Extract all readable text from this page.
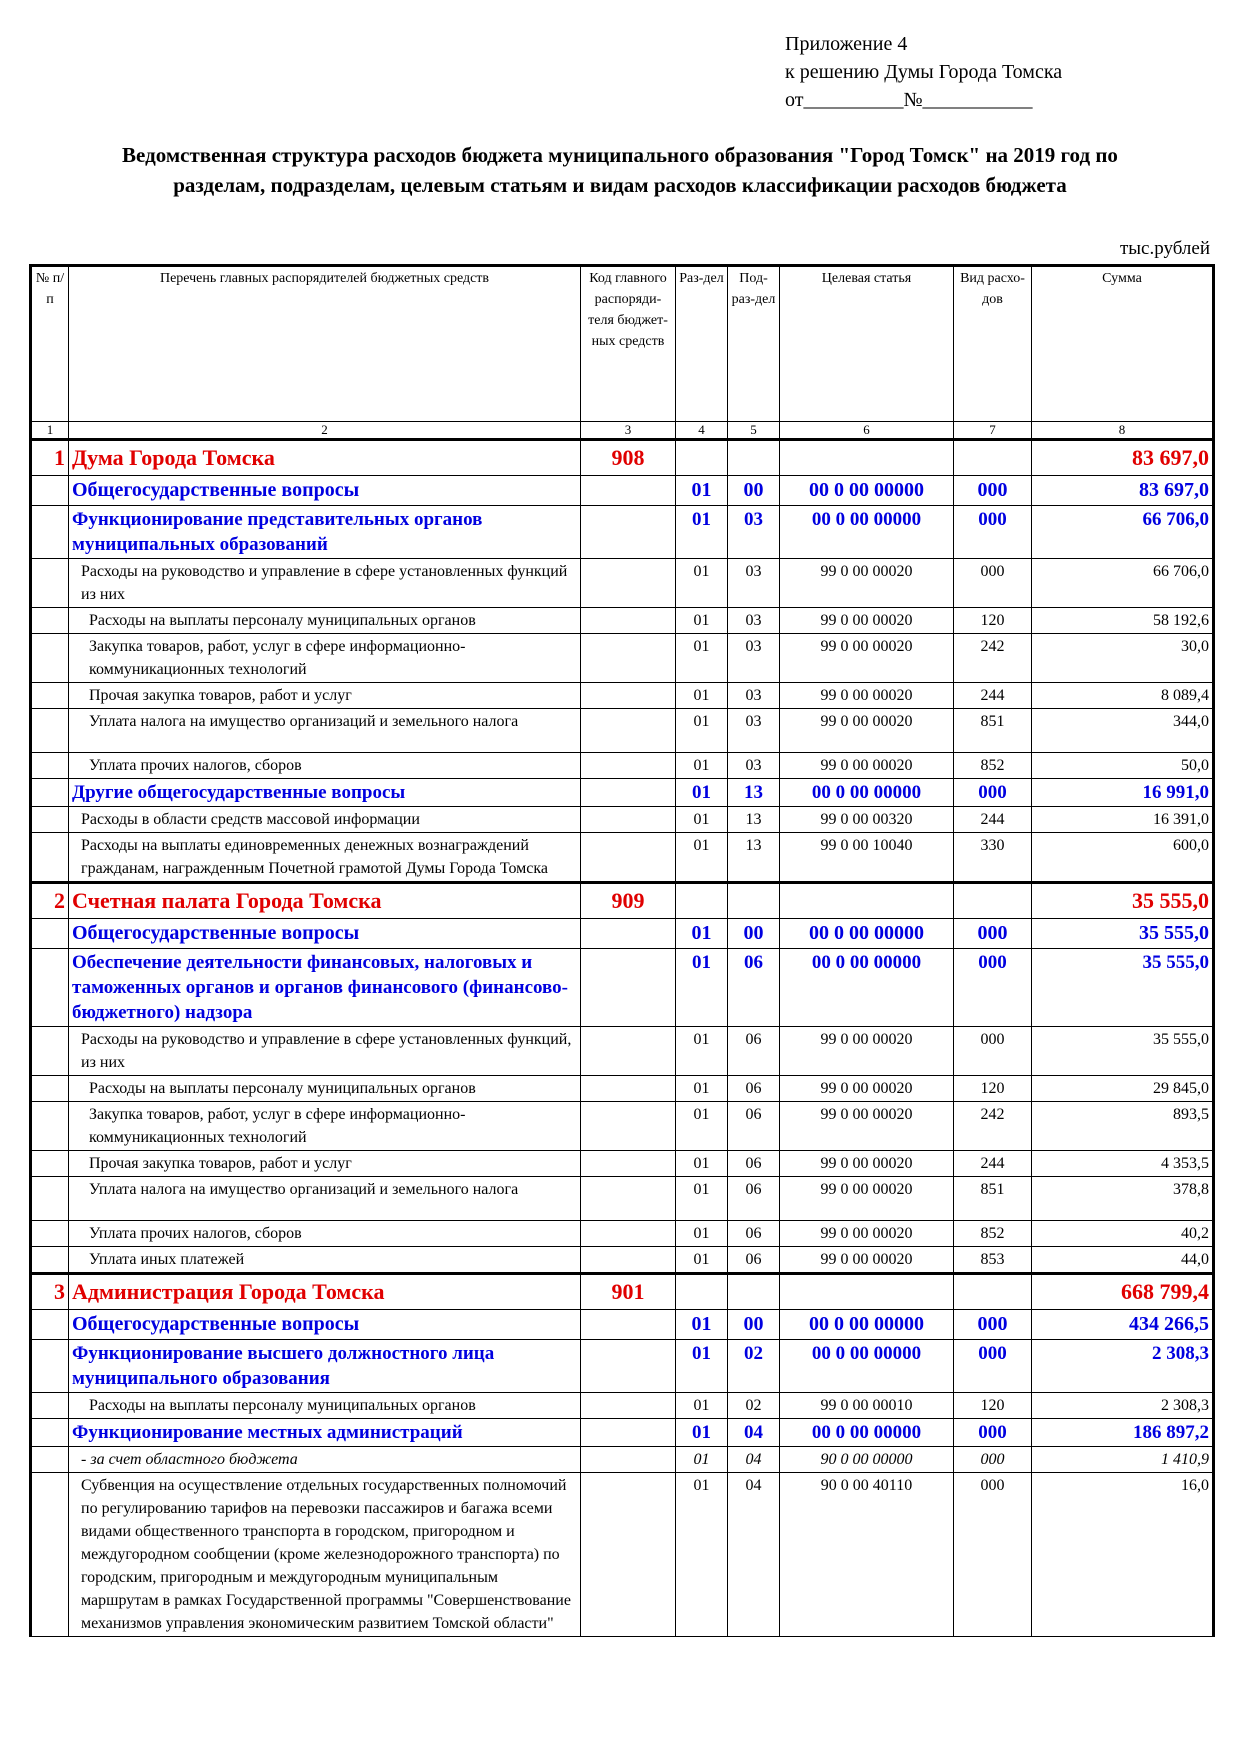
Приложение 4
к решению Думы Города Томска
от__________№___________
Ведомственная структура расходов бюджета муниципального образования "Город Томск" на 2019 год по
разделам, подразделам, целевым статьям и видам расходов классификации расходов бюджета
тыс.рублей
№ п/п	Перечень главных распорядителей бюджетных средств	Код главного распоряди-теля бюджет-ных средств	Раз-дел	Под-раз-дел	Целевая статья	Вид расхо-дов	Сумма
1	2	3	4	5	6	7	8
1	Дума Города Томска	908					83 697,0
	Общегосударственные вопросы		01	00	00 0 00 00000	000	83 697,0
	Функционирование представительных органов муниципальных образований		01	03	00 0 00 00000	000	66 706,0
	Расходы на руководство и управление в сфере установленных функций из них		01	03	99 0 00 00020	000	66 706,0
	Расходы на выплаты персоналу муниципальных органов		01	03	99 0 00 00020	120	58 192,6
	Закупка товаров, работ, услуг в сфере информационно-коммуникационных технологий		01	03	99 0 00 00020	242	30,0
	Прочая закупка товаров, работ и услуг		01	03	99 0 00 00020	244	8 089,4
	Уплата налога на имущество организаций и земельного налога		01	03	99 0 00 00020	851	344,0
	Уплата прочих налогов, сборов		01	03	99 0 00 00020	852	50,0
	Другие общегосударственные вопросы		01	13	00 0 00 00000	000	16 991,0
	Расходы в области средств массовой информации		01	13	99 0 00 00320	244	16 391,0
	Расходы на выплаты единовременных денежных вознаграждений гражданам, награжденным Почетной грамотой Думы Города Томска		01	13	99 0 00 10040	330	600,0
2	Счетная палата Города Томска	909					35 555,0
	Общегосударственные вопросы		01	00	00 0 00 00000	000	35 555,0
	Обеспечение деятельности финансовых, налоговых и таможенных органов и органов финансового (финансово-бюджетного) надзора		01	06	00 0 00 00000	000	35 555,0
	Расходы на руководство и управление в сфере установленных функций, из них		01	06	99 0 00 00020	000	35 555,0
	Расходы на выплаты персоналу муниципальных органов		01	06	99 0 00 00020	120	29 845,0
	Закупка товаров, работ, услуг в сфере информационно-коммуникационных технологий		01	06	99 0 00 00020	242	893,5
	Прочая закупка товаров, работ и услуг		01	06	99 0 00 00020	244	4 353,5
	Уплата налога на имущество организаций и земельного налога		01	06	99 0 00 00020	851	378,8
	Уплата прочих налогов, сборов		01	06	99 0 00 00020	852	40,2
	Уплата иных платежей		01	06	99 0 00 00020	853	44,0
3	Администрация Города Томска	901					668 799,4
	Общегосударственные вопросы		01	00	00 0 00 00000	000	434 266,5
	Функционирование высшего должностного лица муниципального образования		01	02	00 0 00 00000	000	2 308,3
	Расходы на выплаты персоналу муниципальных органов		01	02	99 0 00 00010	120	2 308,3
	Функционирование местных администраций		01	04	00 0 00 00000	000	186 897,2
	- за счет областного бюджета		01	04	90 0 00 00000	000	1 410,9
	Субвенция на осуществление отдельных государственных полномочий по регулированию тарифов на перевозки пассажиров и багажа всеми видами общественного транспорта в городском, пригородном и междугородном сообщении (кроме железнодорожного транспорта) по городским, пригородным и междугородным муниципальным маршрутам в рамках Государственной программы "Совершенствование механизмов управления экономическим развитием Томской области"		01	04	90 0 00 40110	000	16,0
